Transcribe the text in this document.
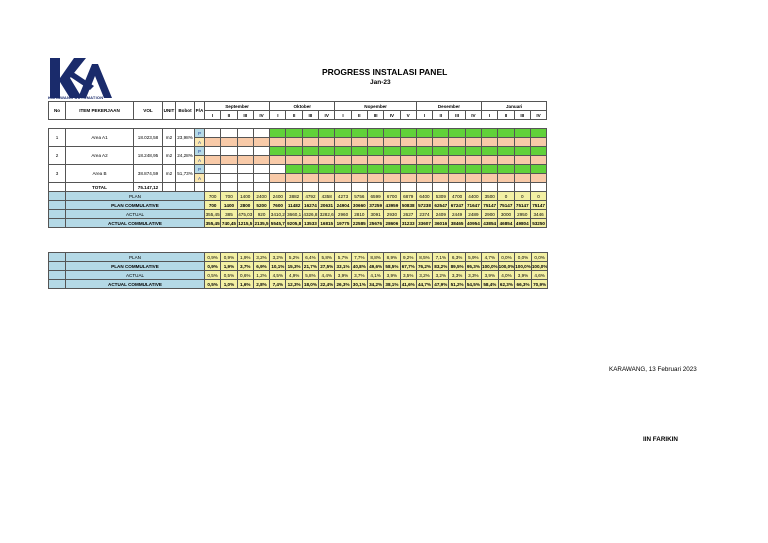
KARAWANG AUTOMATION
PROGRESS INSTALASI PANEL
Jan-23
No	ITEM PEKERJAAN	VOL	UNIT	Bobot	P/A	September				Oktober				Nopember					Desember				Januari			
						I	II	III	IV	I	II	III	IV	I	II	III	IV	V	I	II	III	IV	I	II	III	IV

1	Area A1	18.023,58	m2	23,98%	P																					
					A																					
2	Area A2	18.248,95	m2	24,28%	P																					
					A																					
3	Area B	38.874,59	m2	51,73%	P																					
					A																					
	TOTAL	75.147,12																								
	PLAN					700	700	1400	2400	2400	3882	4792	4358	4273	5756	6599	6700	6879	6400	5309	4700	4400	3500	0	0	0
	PLAN COMMULATIVE					700	1400	2800	5200	7600	11482	16274	20631	24904	30660	37259	43959	50838	57238	62547	67247	71647	75147	75147	75147	75147
	ACTUAL					355,45	385	475,03	920	3410,2	3660,1	4326,8	3282,6	2960	2810	3091	2930	2627	2374	2409	2449	2489	2900	3000	2950	3446
	ACTUAL COMMULATIVE					355,45	740,45	1215,5	2135,5	5545,7	9205,8	13533	16815	19775	22585	25676	28606	31233	33607	36016	38465	40954	43854	46854	49804	53250
	PLAN	0,9%	0,9%	1,9%	3,2%	3,2%	5,2%	6,4%	5,8%	5,7%	7,7%	8,8%	8,9%	9,2%	8,5%	7,1%	6,3%	5,9%	4,7%	0,0%	0,0%	0,0%
	PLAN COMMULATIVE	0,9%	1,9%	3,7%	6,9%	10,1%	15,3%	21,7%	27,5%	33,1%	40,8%	49,6%	58,5%	67,7%	76,2%	83,2%	89,5%	95,3%	100,0%	100,0%	100,0%	100,0%
	ACTUAL	0,5%	0,5%	0,6%	1,2%	4,5%	4,9%	5,8%	4,4%	3,9%	3,7%	4,1%	3,9%	3,5%	3,2%	3,2%	3,3%	3,3%	3,9%	4,0%	3,9%	4,6%
	ACTUAL COMMULATIVE	0,5%	1,0%	1,6%	2,8%	7,4%	12,3%	18,0%	22,4%	26,3%	30,1%	34,2%	38,1%	41,6%	44,7%	47,9%	51,2%	54,5%	58,4%	62,3%	66,3%	70,9%
KARAWANG, 13 Februari 2023
IIN FARIKIN
